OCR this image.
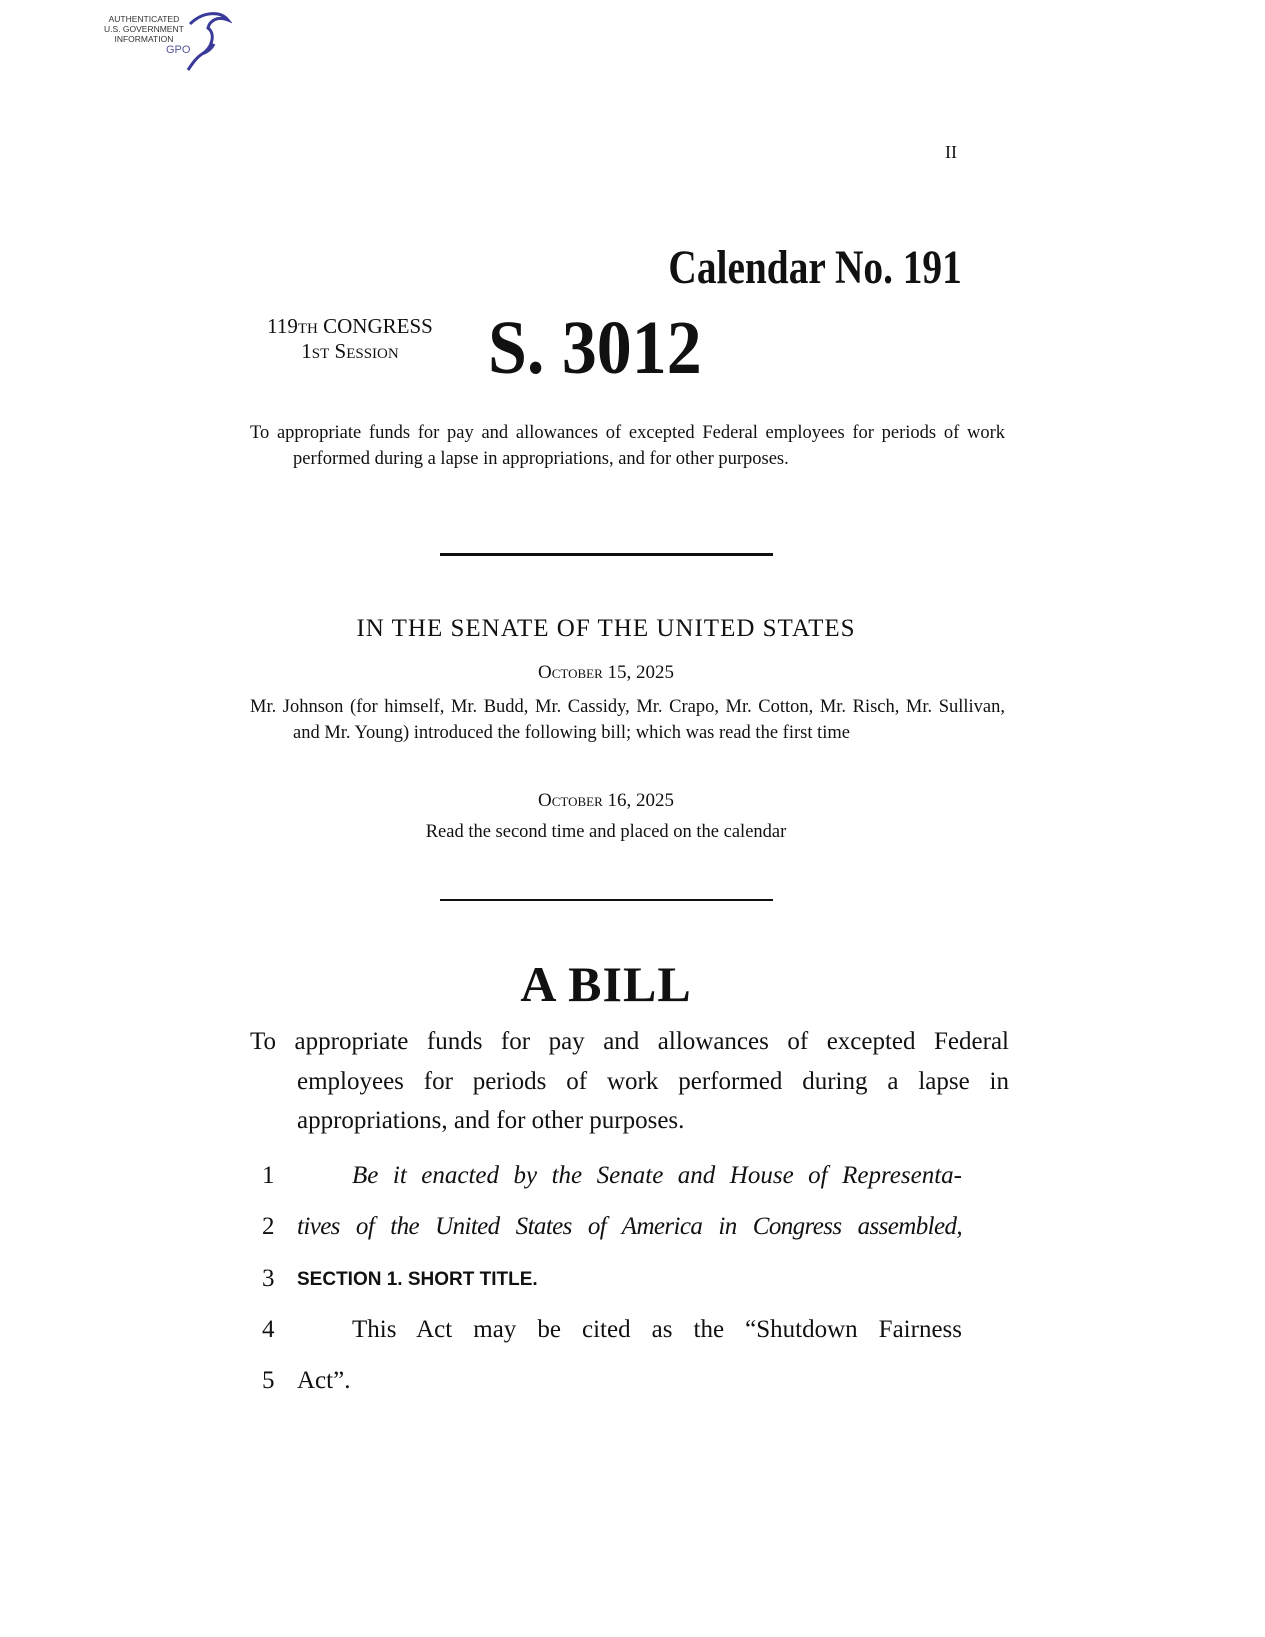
AUTHENTICATED
U.S. GOVERNMENT
INFORMATION
GPO
II
Calendar No. 191
119th CONGRESS
1st Session	S. 3012
To appropriate funds for pay and allowances of excepted Federal employees for periods of work performed during a lapse in appropriations, and for other purposes.
IN THE SENATE OF THE UNITED STATES
October 15, 2025
Mr. Johnson (for himself, Mr. Budd, Mr. Cassidy, Mr. Crapo, Mr. Cotton, Mr. Risch, Mr. Sullivan, and Mr. Young) introduced the following bill; which was read the first time
October 16, 2025
Read the second time and placed on the calendar
A BILL
To appropriate funds for pay and allowances of excepted Federal employees for periods of work performed during a lapse in appropriations, and for other purposes.
1	Be it enacted by the Senate and House of Representa-
2 tives of the United States of America in Congress assembled,
3 SECTION 1. SHORT TITLE.
4	This Act may be cited as the “Shutdown Fairness
5 Act”.
